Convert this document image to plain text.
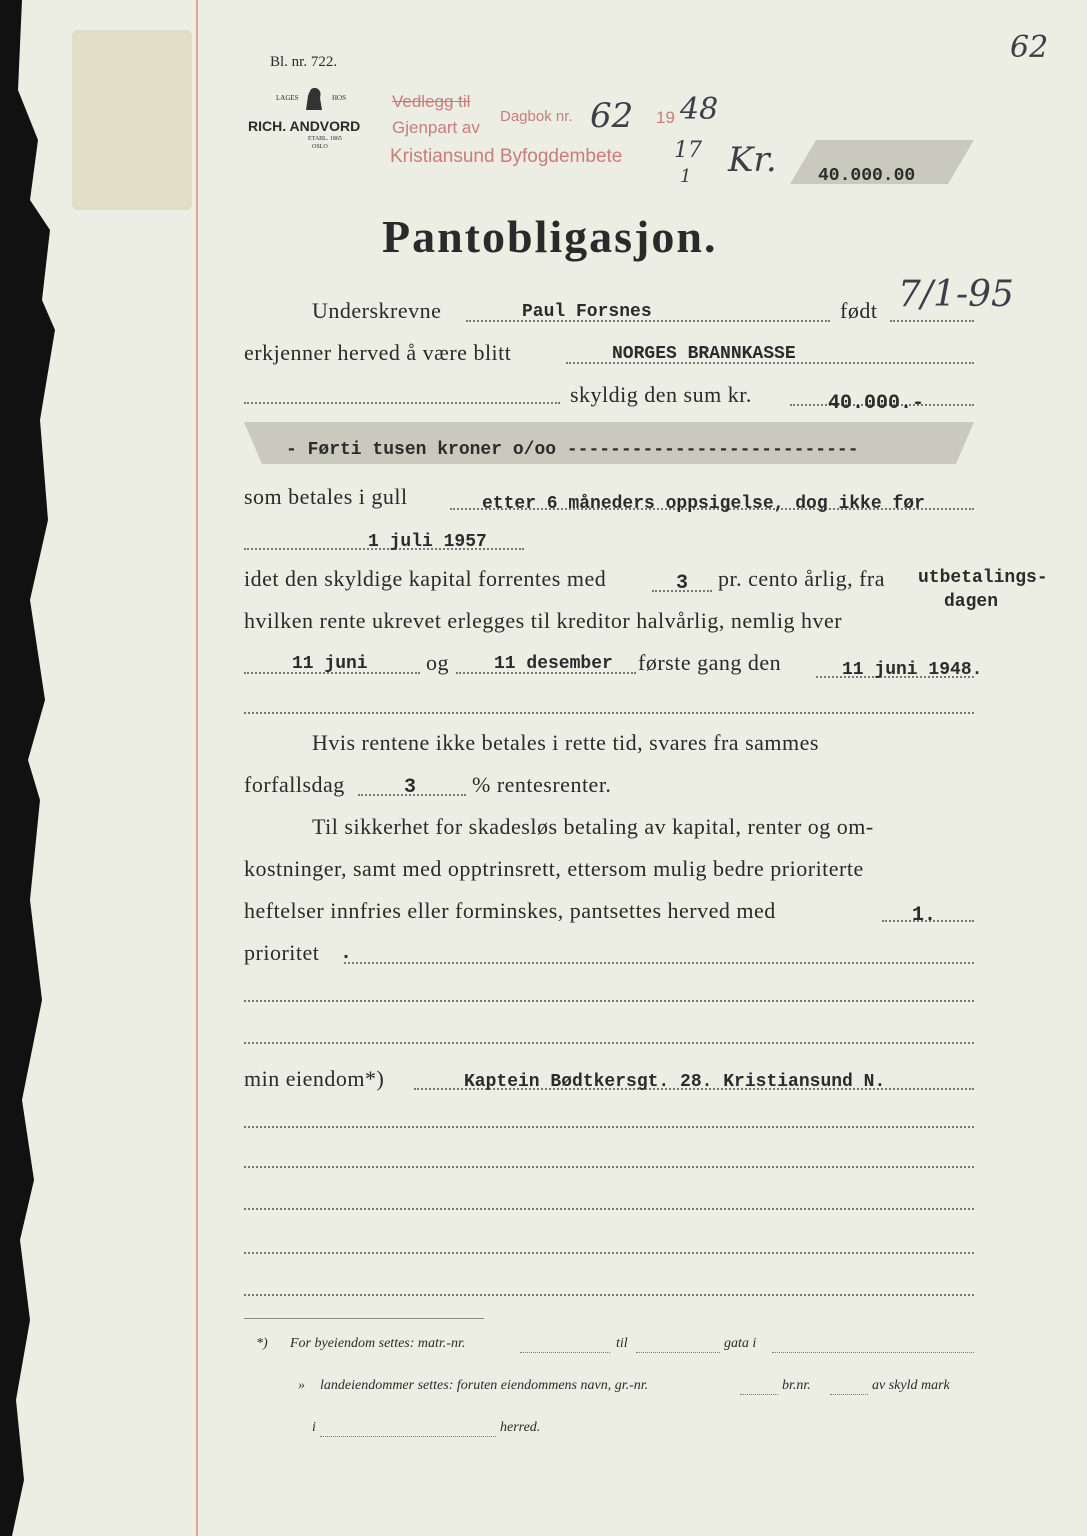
62
Bl. nr. 722.
LAGES	HOS
RICH. ANDVORD
ETABL. 1865
OSLO
Vedlegg til
Gjenpart av
Kristiansund Byfogdembete
Dagbok nr. 62 19 48
17
1 Kr. 40.000.00
Pantobligasjon.
Underskrevne	Paul Forsnes	født 7/1-95
erkjenner herved å være blitt	NORGES BRANNKASSE
skyldig den sum kr.	40.000.-
- Førti tusen kroner o/oo ---------------------------
som betales i gull	etter 6 måneders oppsigelse, dog ikke før
1 juli 1957
idet den skyldige kapital forrentes med	3 pr. cento årlig, fra utbetalings-
dagen
hvilken rente ukrevet erlegges til kreditor halvårlig, nemlig hver
11 juni	og	11 desember første gang den	11 juni 1948.
Hvis rentene ikke betales i rette tid, svares fra sammes
forfallsdag	3	% rentesrenter.
Til sikkerhet for skadesløs betaling av kapital, renter og om-
kostninger, samt med opptrinsrett, ettersom mulig bedre prioriterte
heftelser innfries eller forminskes, pantsettes herved med	1.
prioritet .
min eiendom*)	Kaptein Bødtkersgt. 28. Kristiansund N.
*) For byeiendom settes: matr.-nr.	til	gata i
» landeiendommer settes: foruten eiendommens navn, gr.-nr.	br.nr.	av skyld mark
i	herred.
